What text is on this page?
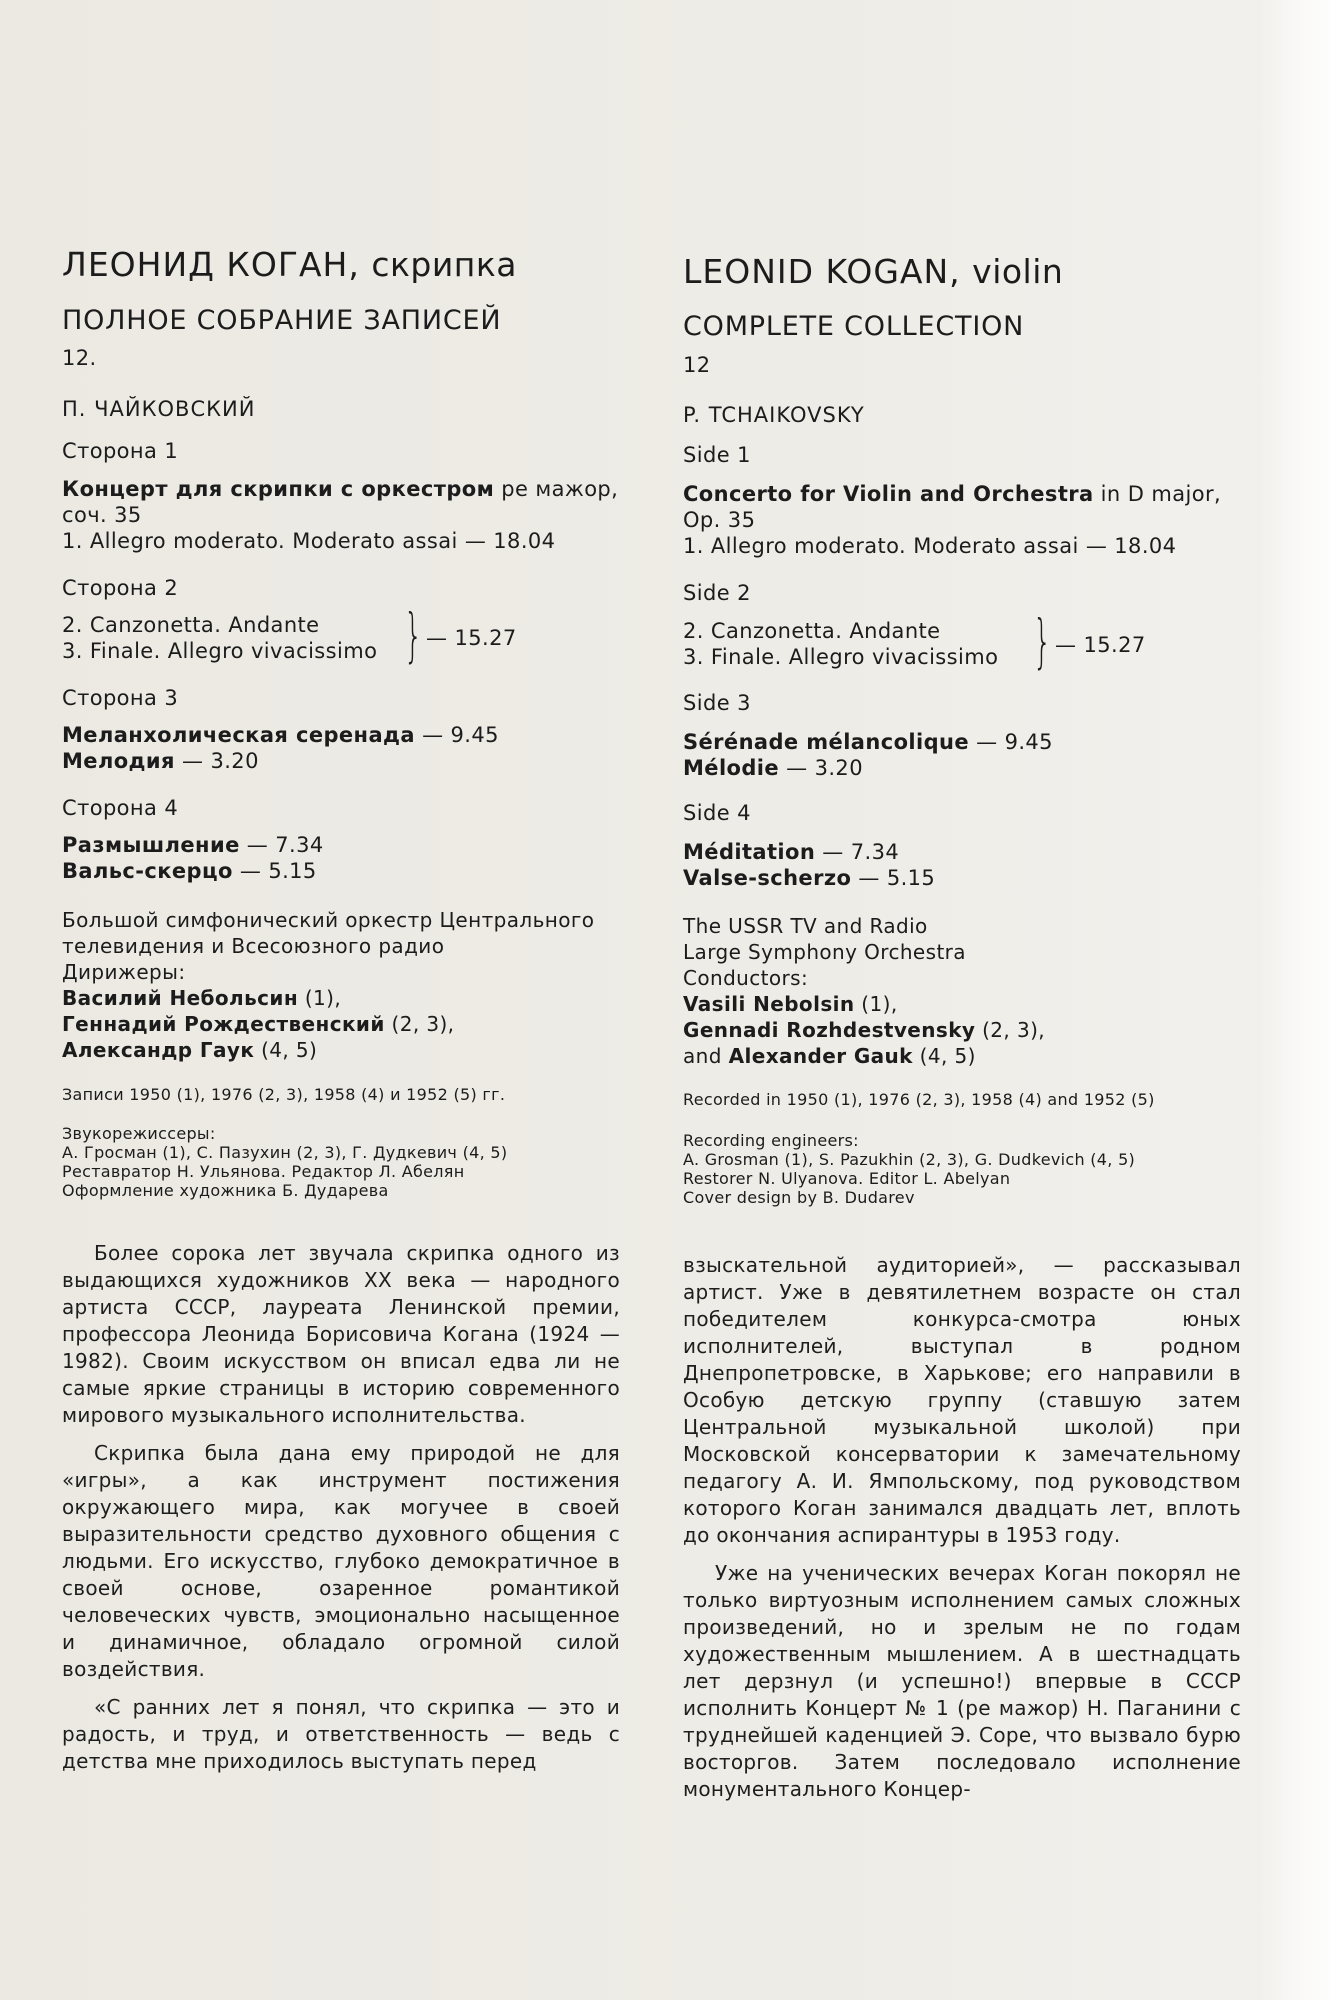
ЛЕОНИД КОГАН, скрипка
ПОЛНОЕ СОБРАНИЕ ЗАПИСЕЙ
12.
П. ЧАЙКОВСКИЙ
Сторона 1
Концерт для скрипки с оркестром ре мажор,
соч. 35
1. Allegro moderato. Moderato assai — 18.04
Сторона 2
2. Canzonetta. Andante
3. Finale. Allegro vivacissimo } — 15.27
Сторона 3
Меланхолическая серенада — 9.45
Мелодия — 3.20
Сторона 4
Размышление — 7.34
Вальс-скерцо — 5.15
Большой симфонический оркестр Центрального
телевидения и Всесоюзного радио
Дирижеры:
Василий Небольсин (1),
Геннадий Рождественский (2, 3),
Александр Гаук (4, 5)
Записи 1950 (1), 1976 (2, 3), 1958 (4) и 1952 (5) гг.
Звукорежиссеры:
А. Гросман (1), С. Пазухин (2, 3), Г. Дудкевич (4, 5)
Реставратор Н. Ульянова. Редактор Л. Абелян
Оформление художника Б. Дударева
LEONID KOGAN, violin
COMPLETE COLLECTION
12
P. TCHAIKOVSKY
Side 1
Concerto for Violin and Orchestra in D major,
Op. 35
1. Allegro moderato. Moderato assai — 18.04
Side 2
2. Canzonetta. Andante
3. Finale. Allegro vivacissimo } — 15.27
Side 3
Sérénade mélancolique — 9.45
Mélodie — 3.20
Side 4
Méditation — 7.34
Valse-scherzo — 5.15
The USSR TV and Radio
Large Symphony Orchestra
Conductors:
Vasili Nebolsin (1),
Gennadi Rozhdestvensky (2, 3),
and Alexander Gauk (4, 5)
Recorded in 1950 (1), 1976 (2, 3), 1958 (4) and 1952 (5)
Recording engineers:
A. Grosman (1), S. Pazukhin (2, 3), G. Dudkevich (4, 5)
Restorer N. Ulyanova. Editor L. Abelyan
Cover design by B. Dudarev

Более сорока лет звучала скрипка одного из выдающихся художников XX века — народного артиста СССР, лауреата Ленинской премии, профессора Леонида Борисовича Когана (1924 — 1982). Своим искусством он вписал едва ли не самые яркие страницы в историю современного мирового музыкального исполнительства.

Скрипка была дана ему природой не для «игры», а как инструмент постижения окружающего мира, как могучее в своей выразительности средство духовного общения с людьми. Его искусство, глубоко демократичное в своей основе, озаренное романтикой человеческих чувств, эмоционально насыщенное и динамичное, обладало огромной силой воздействия.

«С ранних лет я понял, что скрипка — это и радость, и труд, и ответственность — ведь с детства мне приходилось выступать перед

взыскательной аудиторией», — рассказывал артист. Уже в девятилетнем возрасте он стал победителем конкурса-смотра юных исполнителей, выступал в родном Днепропетровске, в Харькове; его направили в Особую детскую группу (ставшую затем Центральной музыкальной школой) при Московской консерватории к замечательному педагогу А. И. Ямпольскому, под руководством которого Коган занимался двадцать лет, вплоть до окончания аспирантуры в 1953 году.

Уже на ученических вечерах Коган покорял не только виртуозным исполнением самых сложных произведений, но и зрелым не по годам художественным мышлением. А в шестнадцать лет дерзнул (и успешно!) впервые в СССР исполнить Концерт № 1 (ре мажор) Н. Паганини с труднейшей каденцией Э. Соре, что вызвало бурю восторгов. Затем последовало исполнение монументального Концер-
